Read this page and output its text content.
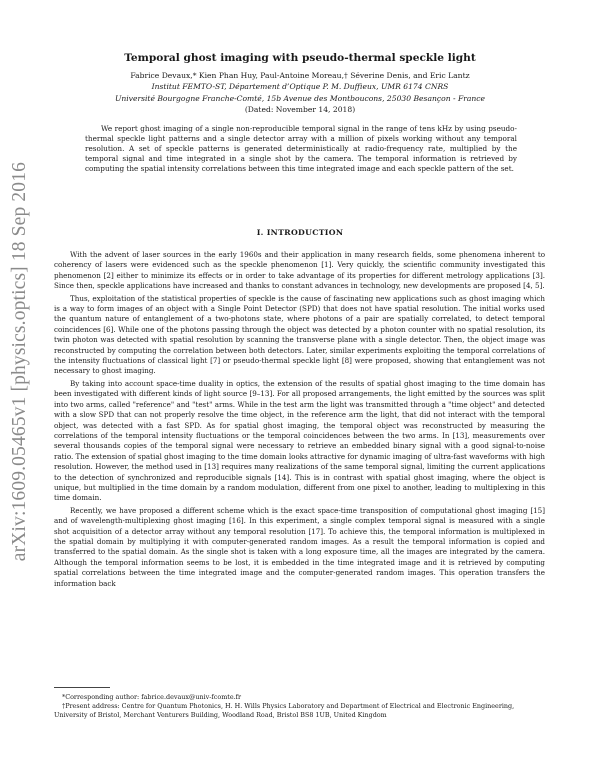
arXiv:1609.05465v1 [physics.optics] 18 Sep 2016
Temporal ghost imaging with pseudo-thermal speckle light
Fabrice Devaux,* Kien Phan Huy, Paul-Antoine Moreau,† Séverine Denis, and Eric Lantz
Institut FEMTO-ST, Département d’Optique P. M. Duffieux, UMR 6174 CNRS
Université Bourgogne Franche-Comté, 15b Avenue des Montboucons, 25030 Besançon - France
(Dated: November 14, 2018)
We report ghost imaging of a single non-reproducible temporal signal in the range of tens kHz by using pseudo-thermal speckle light patterns and a single detector array with a million of pixels working without any temporal resolution. A set of speckle patterns is generated deterministically at radio-frequency rate, multiplied by the temporal signal and time integrated in a single shot by the camera. The temporal information is retrieved by computing the spatial intensity correlations between this time integrated image and each speckle pattern of the set.
I. INTRODUCTION

With the advent of laser sources in the early 1960s and their application in many research fields, some phenomena inherent to coherency of lasers were evidenced such as the speckle phenomenon [1]. Very quickly, the scientific community investigated this phenomenon [2] either to minimize its effects or in order to take advantage of its properties for different metrology applications [3]. Since then, speckle applications have increased and thanks to constant advances in technology, new developments are proposed [4, 5].

Thus, exploitation of the statistical properties of speckle is the cause of fascinating new applications such as ghost imaging which is a way to form images of an object with a Single Point Detector (SPD) that does not have spatial resolution. The initial works used the quantum nature of entanglement of a two-photons state, where photons of a pair are spatially correlated, to detect temporal coincidences [6]. While one of the photons passing through the object was detected by a photon counter with no spatial resolution, its twin photon was detected with spatial resolution by scanning the transverse plane with a single detector. Then, the object image was reconstructed by computing the correlation between both detectors. Later, similar experiments exploiting the temporal correlations of the intensity fluctuations of classical light [7] or pseudo-thermal speckle light [8] were proposed, showing that entanglement was not necessary to ghost imaging.

By taking into account space-time duality in optics, the extension of the results of spatial ghost imaging to the time domain has been investigated with different kinds of light source [9–13]. For all proposed arrangements, the light emitted by the sources was split into two arms, called "reference" and "test" arms. While in the test arm the light was transmitted through a "time object" and detected with a slow SPD that can not properly resolve the time object, in the reference arm the light, that did not interact with the temporal object, was detected with a fast SPD. As for spatial ghost imaging, the temporal object was reconstructed by measuring the correlations of the temporal intensity fluctuations or the temporal coincidences between the two arms. In [13], measurements over several thousands copies of the temporal signal were necessary to retrieve an embedded binary signal with a good signal-to-noise ratio. The extension of spatial ghost imaging to the time domain looks attractive for dynamic imaging of ultra-fast waveforms with high resolution. However, the method used in [13] requires many realizations of the same temporal signal, limiting the current applications to the detection of synchronized and reproducible signals [14]. This is in contrast with spatial ghost imaging, where the object is unique, but multiplied in the time domain by a random modulation, different from one pixel to another, leading to multiplexing in this time domain.

Recently, we have proposed a different scheme which is the exact space-time transposition of computational ghost imaging [15] and of wavelength-multiplexing ghost imaging [16]. In this experiment, a single complex temporal signal is measured with a single shot acquisition of a detector array without any temporal resolution [17]. To achieve this, the temporal information is multiplexed in the spatial domain by multiplying it with computer-generated random images. As a result the temporal information is copied and transferred to the spatial domain. As the single shot is taken with a long exposure time, all the images are integrated by the camera. Although the temporal information seems to be lost, it is embedded in the time integrated image and it is retrieved by computing spatial correlations between the time integrated image and the computer-generated random images. This operation transfers the information back

*Corresponding author: fabrice.devaux@univ-fcomte.fr

†Present address: Centre for Quantum Photonics, H. H. Wills Physics Laboratory and Department of Electrical and Electronic Engineering, University of Bristol, Merchant Venturers Building, Woodland Road, Bristol BS8 1UB, United Kingdom
